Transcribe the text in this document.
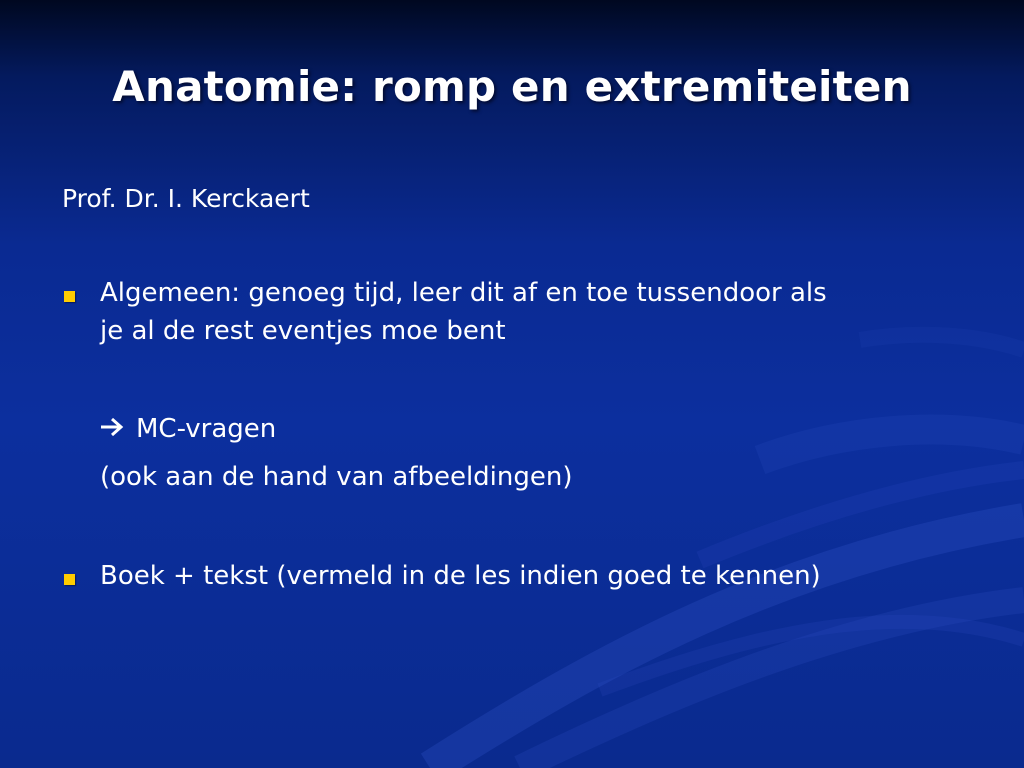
Anatomie: romp en extremiteiten
Prof. Dr. I. Kerckaert
Algemeen: genoeg tijd, leer dit af en toe tussendoor als
je al de rest eventjes moe bent
MC-vragen
(ook aan de hand van afbeeldingen)
Boek + tekst (vermeld in de les indien goed te kennen)
